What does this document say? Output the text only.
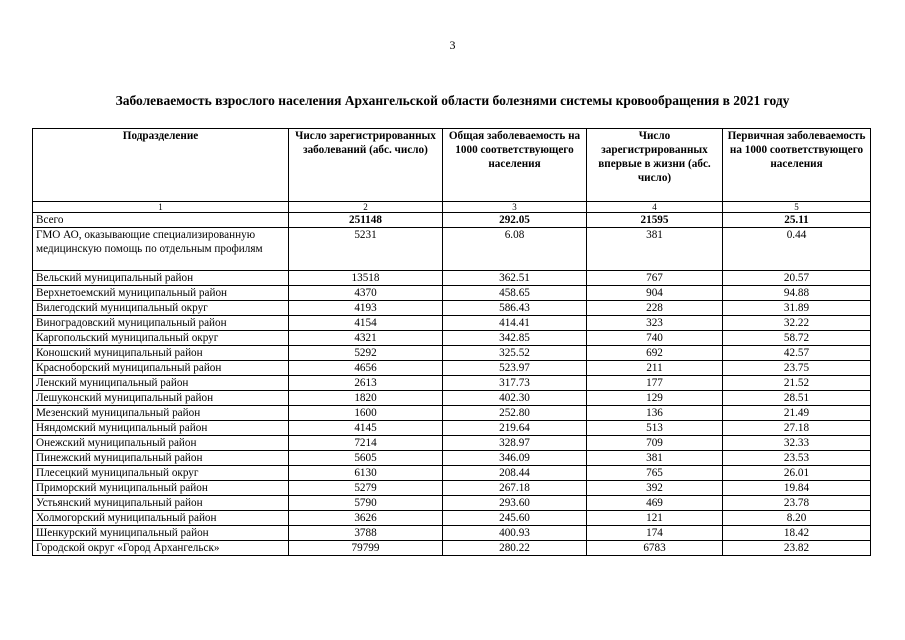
3
Заболеваемость взрослого населения Архангельской области болезнями системы кровообращения в 2021 году
Подразделение	Число зарегистрированных заболеваний (абс. число)	Общая заболеваемость на 1000 соответствующего населения	Число зарегистрированных впервые в жизни (абс. число)	Первичная заболеваемость на 1000 соответствующего населения
1	2	3	4	5
Всего	251148	292.05	21595	25.11
ГМО АО, оказывающие специализированную медицинскую помощь по отдельным профилям	5231	6.08	381	0.44
Вельский муниципальный район	13518	362.51	767	20.57
Верхнетоемский муниципальный район	4370	458.65	904	94.88
Вилегодский муниципальный округ	4193	586.43	228	31.89
Виноградовский муниципальный район	4154	414.41	323	32.22
Каргопольский муниципальный округ	4321	342.85	740	58.72
Коношский муниципальный район	5292	325.52	692	42.57
Красноборский муниципальный район	4656	523.97	211	23.75
Ленский муниципальный район	2613	317.73	177	21.52
Лешуконский муниципальный район	1820	402.30	129	28.51
Мезенский муниципальный район	1600	252.80	136	21.49
Няндомский муниципальный район	4145	219.64	513	27.18
Онежский муниципальный район	7214	328.97	709	32.33
Пинежский муниципальный район	5605	346.09	381	23.53
Плесецкий муниципальный округ	6130	208.44	765	26.01
Приморский муниципальный район	5279	267.18	392	19.84
Устьянский муниципальный район	5790	293.60	469	23.78
Холмогорский муниципальный район	3626	245.60	121	8.20
Шенкурский муниципальный район	3788	400.93	174	18.42
Городской округ «Город Архангельск»	79799	280.22	6783	23.82
